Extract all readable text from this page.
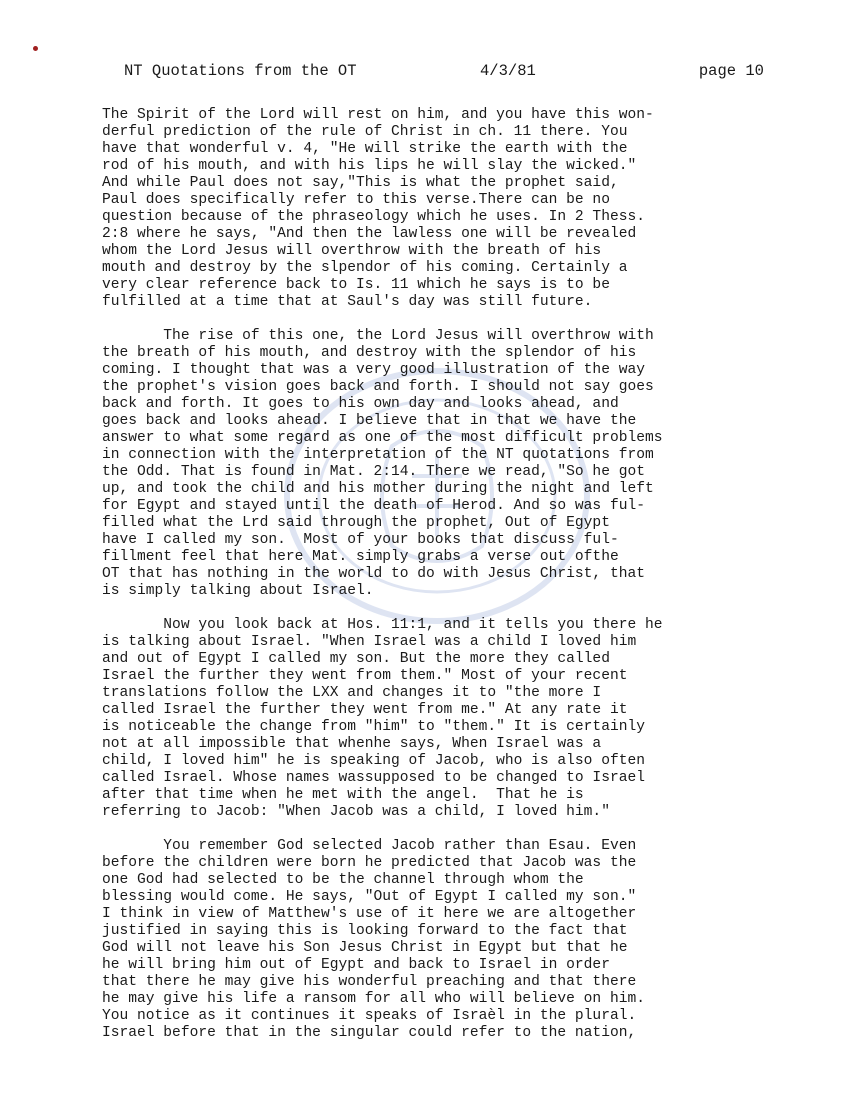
NT Quotations from the OT	4/3/81	page 10
The Spirit of the Lord will rest on him, and you have this won-
derful prediction of the rule of Christ in ch. 11 there. You
have that wonderful v. 4, "He will strike the earth with the
rod of his mouth, and with his lips he will slay the wicked."
And while Paul does not say,"This is what the prophet said,
Paul does specifically refer to this verse.There can be no
question because of the phraseology which he uses. In 2 Thess.
2:8 where he says, "And then the lawless one will be revealed
whom the Lord Jesus will overthrow with the breath of his
mouth and destroy by the slpendor of his coming. Certainly a
very clear reference back to Is. 11 which he says is to be
fulfilled at a time that at Saul's day was still future.
The rise of this one, the Lord Jesus will overthrow with
the breath of his mouth, and destroy with the splendor of his
coming. I thought that was a very good illustration of the way
the prophet's vision goes back and forth. I should not say goes
back and forth. It goes to his own day and looks ahead, and
goes back and looks ahead. I believe that in that we have the
answer to what some regard as one of the most difficult problems
in connection with the interpretation of the NT quotations from
the Odd. That is found in Mat. 2:14. There we read, "So he got
up, and took the child and his mother during the night and left
for Egypt and stayed until the death of Herod. And so was ful-
filled what the Lrd said through the prophet, Out of Egypt
have I called my son.  Most of your books that discuss ful-
fillment feel that here Mat. simply grabs a verse out ofthe
OT that has nothing in the world to do with Jesus Christ, that
is simply talking about Israel.
Now you look back at Hos. 11:1, and it tells you there he
is talking about Israel. "When Israel was a child I loved him
and out of Egypt I called my son. But the more they called
Israel the further they went from them." Most of your recent
translations follow the LXX and changes it to "the more I
called Israel the further they went from me." At any rate it
is noticeable the change from "him" to "them." It is certainly
not at all impossible that whenhe says, When Israel was a
child, I loved him" he is speaking of Jacob, who is also often
called Israel. Whose names wassupposed to be changed to Israel
after that time when he met with the angel.  That he is
referring to Jacob: "When Jacob was a child, I loved him."
You remember God selected Jacob rather than Esau. Even
before the children were born he predicted that Jacob was the
one God had selected to be the channel through whom the
blessing would come. He says, "Out of Egypt I called my son."
I think in view of Matthew's use of it here we are altogether
justified in saying this is looking forward to the fact that
God will not leave his Son Jesus Christ in Egypt but that he
he will bring him out of Egypt and back to Israel in order
that there he may give his wonderful preaching and that there
he may give his life a ransom for all who will believe on him.
You notice as it continues it speaks of Israèl in the plural.
Israel before that in the singular could refer to the nation,
